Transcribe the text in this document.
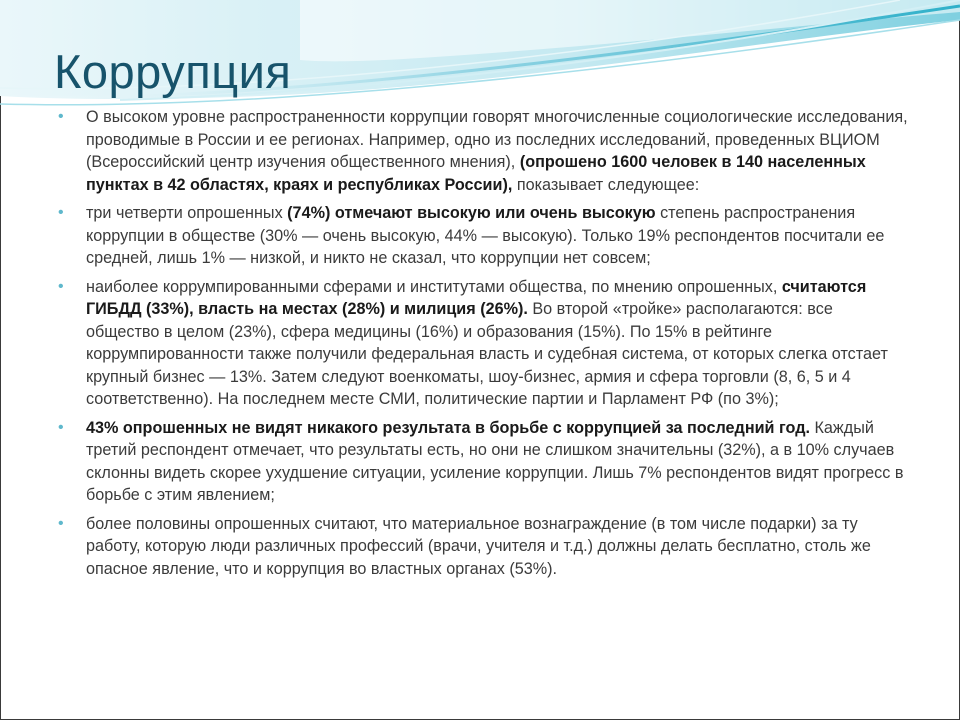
Коррупция
• О высоком уровне распространенности коррупции говорят многочисленные социологические исследования, проводимые в России и ее регионах. Например, одно из последних исследований, проведенных ВЦИОМ (Всероссийский центр изучения общественного мнения), (опрошено 1600 человек в 140 населенных пунктах в 42 областях, краях и республиках России), показывает следующее:
• три четверти опрошенных (74%) отмечают высокую или очень высокую степень распространения коррупции в обществе (30% — очень высокую, 44% — высокую). Только 19% респондентов посчитали ее средней, лишь 1% — низкой, и никто не сказал, что коррупции нет совсем;
• наиболее коррумпированными сферами и институтами общества, по мнению опрошенных, считаются ГИБДД (33%), власть на местах (28%) и милиция (26%). Во второй «тройке» располагаются: все общество в целом (23%), сфера медицины (16%) и образования (15%). По 15% в рейтинге коррумпированности также получили федеральная власть и судебная система, от которых слегка отстает крупный бизнес — 13%. Затем следуют военкоматы, шоу-бизнес, армия и сфера торговли (8, 6, 5 и 4 соответственно). На последнем месте СМИ, политические партии и Парламент РФ (по 3%);
• 43% опрошенных не видят никакого результата в борьбе с коррупцией за последний год. Каждый третий респондент отмечает, что результаты есть, но они не слишком значительны (32%), а в 10% случаев склонны видеть скорее ухудшение ситуации, усиление коррупции. Лишь 7% респондентов видят прогресс в борьбе с этим явлением;
• более половины опрошенных считают, что материальное вознаграждение (в том числе подарки) за ту работу, которую люди различных профессий (врачи, учителя и т.д.) должны делать бесплатно, столь же опасное явление, что и коррупция во властных органах (53%).
